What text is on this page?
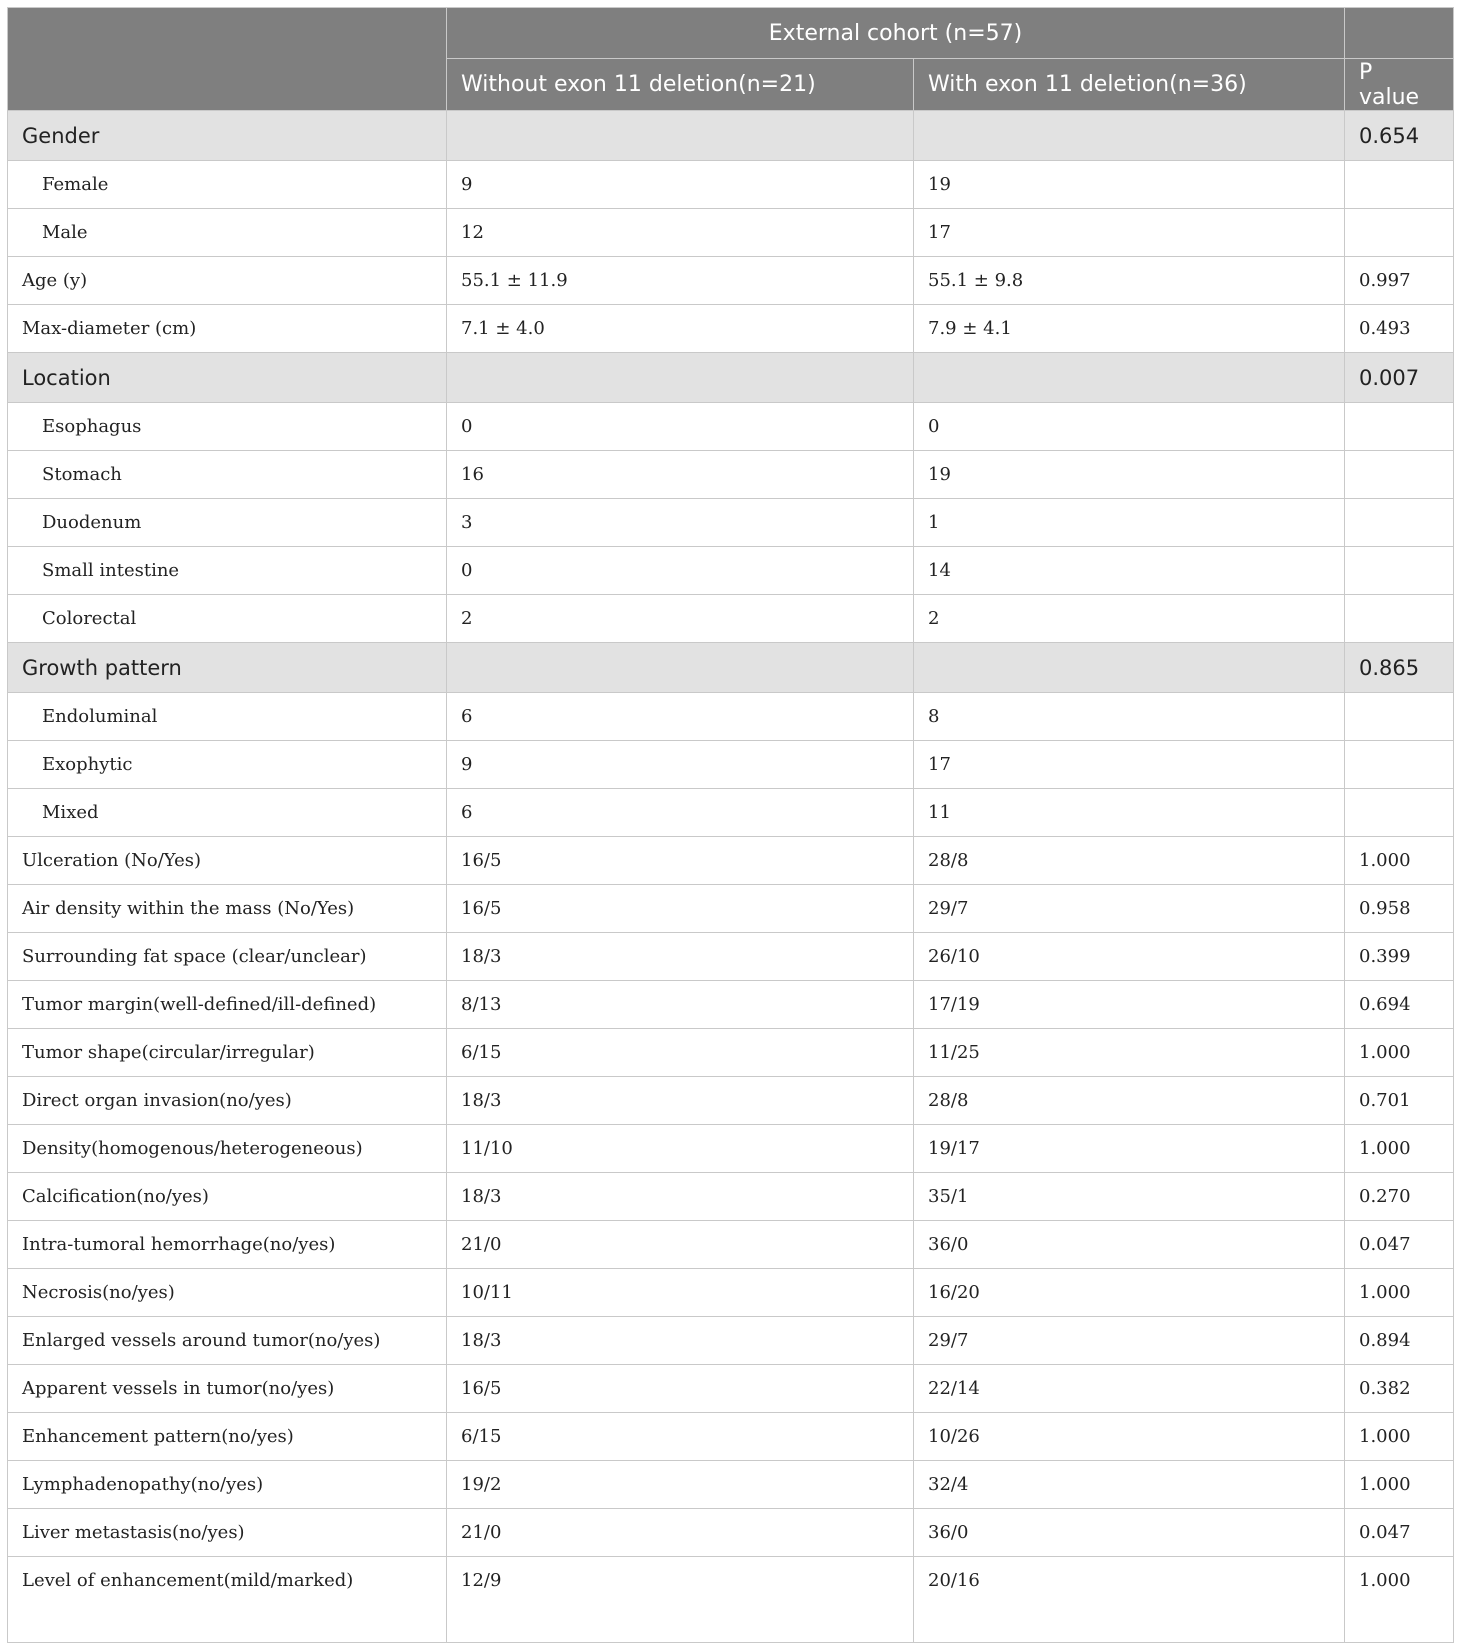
	External cohort (n=57)		
	Without exon 11 deletion(n=21)	With exon 11 deletion(n=36)	P value
Gender			0.654
Female	9	19	
Male	12	17	
Age (y)	55.1 ± 11.9	55.1 ± 9.8	0.997
Max-diameter (cm)	7.1 ± 4.0	7.9 ± 4.1	0.493
Location			0.007
Esophagus	0	0	
Stomach	16	19	
Duodenum	3	1	
Small intestine	0	14	
Colorectal	2	2	
Growth pattern			0.865
Endoluminal	6	8	
Exophytic	9	17	
Mixed	6	11	
Ulceration (No/Yes)	16/5	28/8	1.000
Air density within the mass (No/Yes)	16/5	29/7	0.958
Surrounding fat space (clear/unclear)	18/3	26/10	0.399
Tumor margin(well-defined/ill-defined)	8/13	17/19	0.694
Tumor shape(circular/irregular)	6/15	11/25	1.000
Direct organ invasion(no/yes)	18/3	28/8	0.701
Density(homogenous/heterogeneous)	11/10	19/17	1.000
Calcification(no/yes)	18/3	35/1	0.270
Intra-tumoral hemorrhage(no/yes)	21/0	36/0	0.047
Necrosis(no/yes)	10/11	16/20	1.000
Enlarged vessels around tumor(no/yes)	18/3	29/7	0.894
Apparent vessels in tumor(no/yes)	16/5	22/14	0.382
Enhancement pattern(no/yes)	6/15	10/26	1.000
Lymphadenopathy(no/yes)	19/2	32/4	1.000
Liver metastasis(no/yes)	21/0	36/0	0.047
Level of enhancement(mild/marked)	12/9	20/16	1.000
